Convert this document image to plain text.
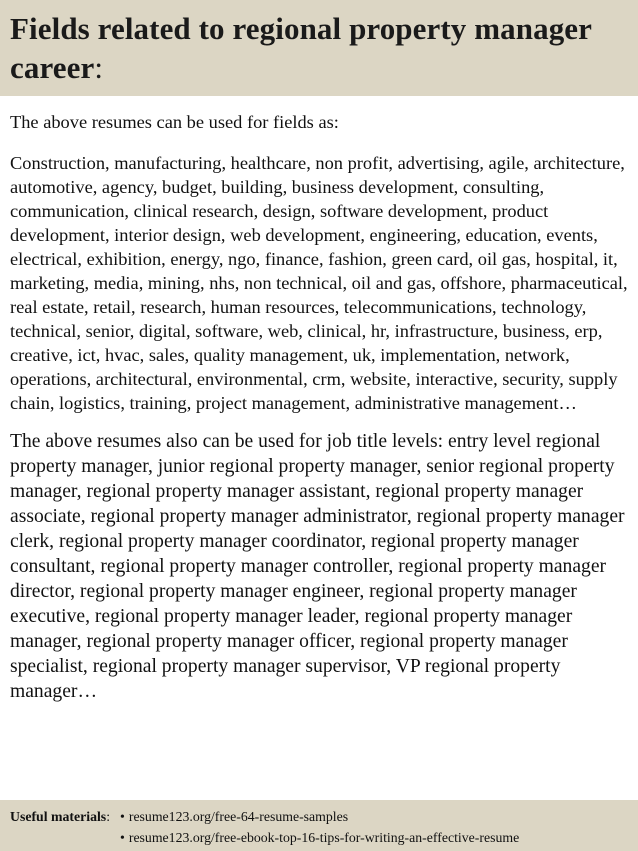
Fields related to regional property manager career:

The above resumes can be used for fields as:

Construction, manufacturing, healthcare, non profit, advertising, agile, architecture, automotive, agency, budget, building, business development, consulting, communication, clinical research, design, software development, product development, interior design, web development, engineering, education, events, electrical, exhibition, energy, ngo, finance, fashion, green card, oil gas, hospital, it, marketing, media, mining, nhs, non technical, oil and gas, offshore, pharmaceutical, real estate, retail, research, human resources, telecommunications, technology, technical, senior, digital, software, web, clinical, hr, infrastructure, business, erp, creative, ict, hvac, sales, quality management, uk, implementation, network, operations, architectural, environmental, crm, website, interactive, security, supply chain, logistics, training, project management, administrative management…

The above resumes also can be used for job title levels: entry level regional property manager, junior regional property manager, senior regional property manager, regional property manager assistant, regional property manager associate, regional property manager administrator, regional property manager clerk, regional property manager coordinator, regional property manager consultant, regional property manager controller, regional property manager director, regional property manager engineer, regional property manager executive, regional property manager leader, regional property manager manager, regional property manager officer, regional property manager specialist, regional property manager supervisor, VP regional property manager…

Useful materials: • resume123.org/free-64-resume-samples
• resume123.org/free-ebook-top-16-tips-for-writing-an-effective-resume
